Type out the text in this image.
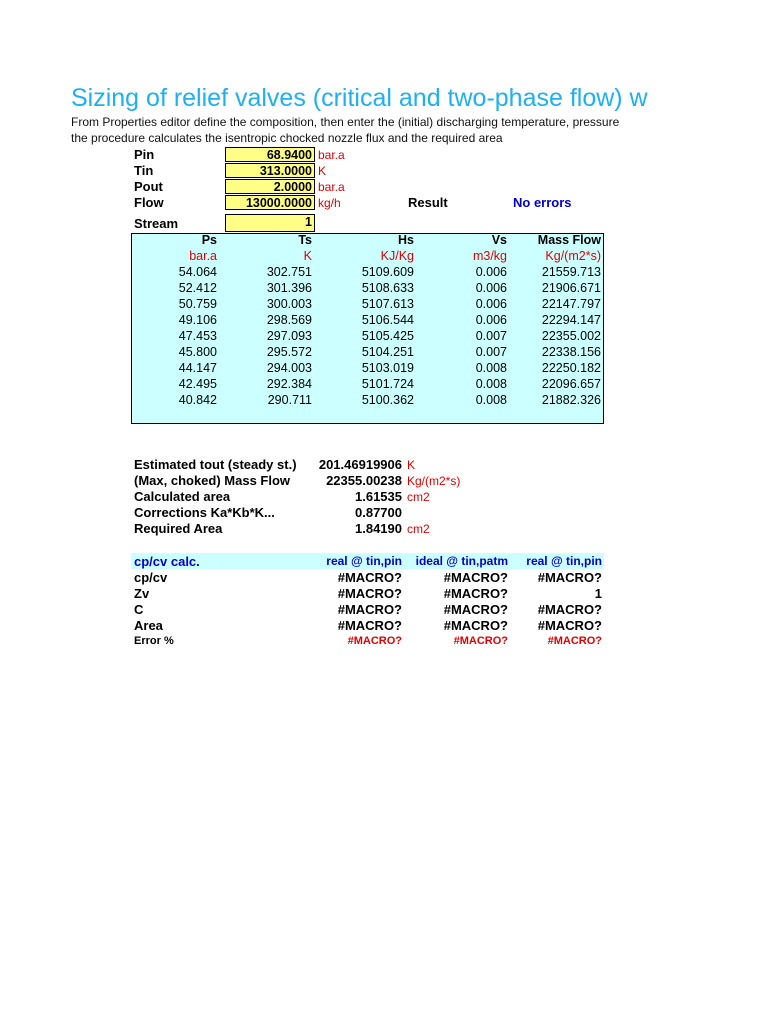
Sizing of relief valves (critical and two-phase flow) w
From Properties editor define the composition, then enter the (initial) discharging temperature, pressure
the procedure calculates the isentropic chocked nozzle flux and the required area
Pin	68.9400 bar.a
Tin	313.0000 K
Pout	2.0000 bar.a
Flow	13000.0000 kg/h	Result	No errors
Stream	1
Ps	Ts	Hs	Vs	Mass Flow
bar.a	K	KJ/Kg	m3/kg	Kg/(m2*s)
54.064	302.751	5109.609	0.006	21559.713
52.412	301.396	5108.633	0.006	21906.671
50.759	300.003	5107.613	0.006	22147.797
49.106	298.569	5106.544	0.006	22294.147
47.453	297.093	5105.425	0.007	22355.002
45.800	295.572	5104.251	0.007	22338.156
44.147	294.003	5103.019	0.008	22250.182
42.495	292.384	5101.724	0.008	22096.657
40.842	290.711	5100.362	0.008	21882.326
Estimated tout (steady st.)	201.46919906 K
(Max, choked) Mass Flow	22355.00238 Kg/(m2*s)
Calculated area	1.61535 cm2
Corrections Ka*Kb*K...	0.87700
Required Area	1.84190 cm2
cp/cv calc.	real @ tin,pin	ideal @ tin,patm	real @ tin,pin
cp/cv	#MACRO?	#MACRO?	#MACRO?
Zv	#MACRO?	#MACRO?	1
C	#MACRO?	#MACRO?	#MACRO?
Area	#MACRO?	#MACRO?	#MACRO?
Error %	#MACRO?	#MACRO?	#MACRO?
